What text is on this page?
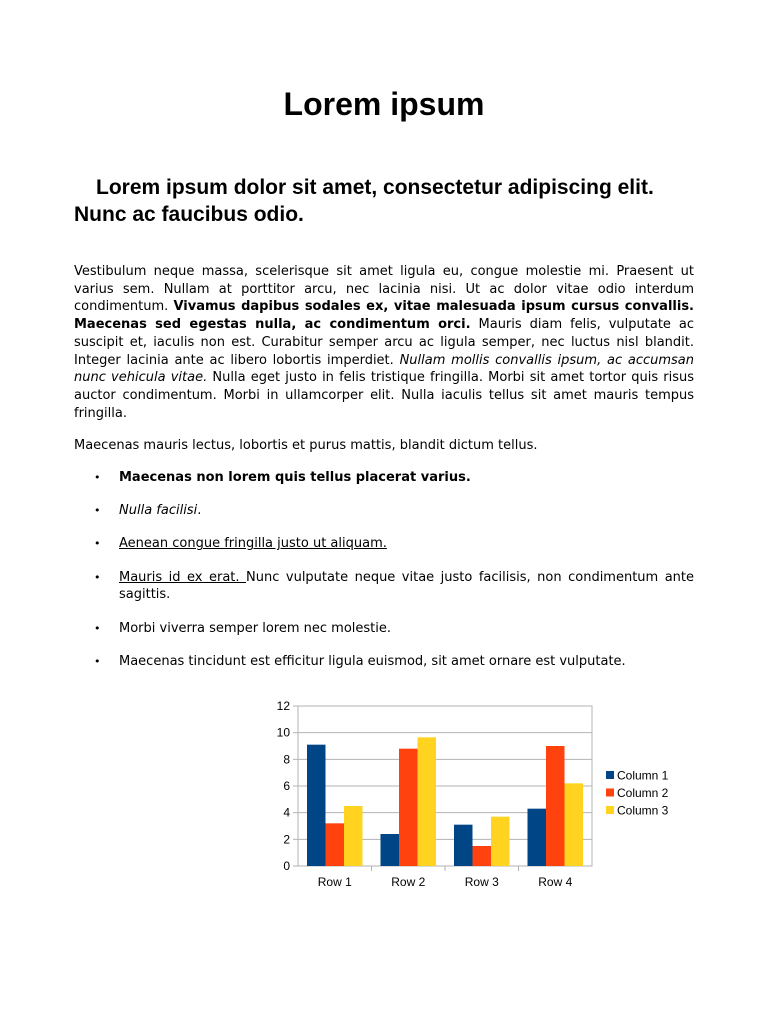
Lorem ipsum
Lorem ipsum dolor sit amet, consectetur adipiscing elit. Nunc ac faucibus odio.

Vestibulum neque massa, scelerisque sit amet ligula eu, congue molestie mi. Praesent ut varius sem. Nullam at porttitor arcu, nec lacinia nisi. Ut ac dolor vitae odio interdum condimentum. Vivamus dapibus sodales ex, vitae malesuada ipsum cursus convallis. Maecenas sed egestas nulla, ac condimentum orci. Mauris diam felis, vulputate ac suscipit et, iaculis non est. Curabitur semper arcu ac ligula semper, nec luctus nisl blandit. Integer lacinia ante ac libero lobortis imperdiet. Nullam mollis convallis ipsum, ac accumsan nunc vehicula vitae. Nulla eget justo in felis tristique fringilla. Morbi sit amet tortor quis risus auctor condimentum. Morbi in ullamcorper elit. Nulla iaculis tellus sit amet mauris tempus fringilla.

Maecenas mauris lectus, lobortis et purus mattis, blandit dictum tellus.

•	Maecenas non lorem quis tellus placerat varius.
•	Nulla facilisi.
•	Aenean congue fringilla justo ut aliquam.
•	Mauris id ex erat. Nunc vulputate neque vitae justo facilisis, non condimentum ante sagittis.
•	Morbi viverra semper lorem nec molestie.
•	Maecenas tincidunt est efficitur ligula euismod, sit amet ornare est vulputate.
0
2
4
6
8
10
12
Row 1	Row 2	Row 3	Row 4
Column 1
Column 2
Column 3
